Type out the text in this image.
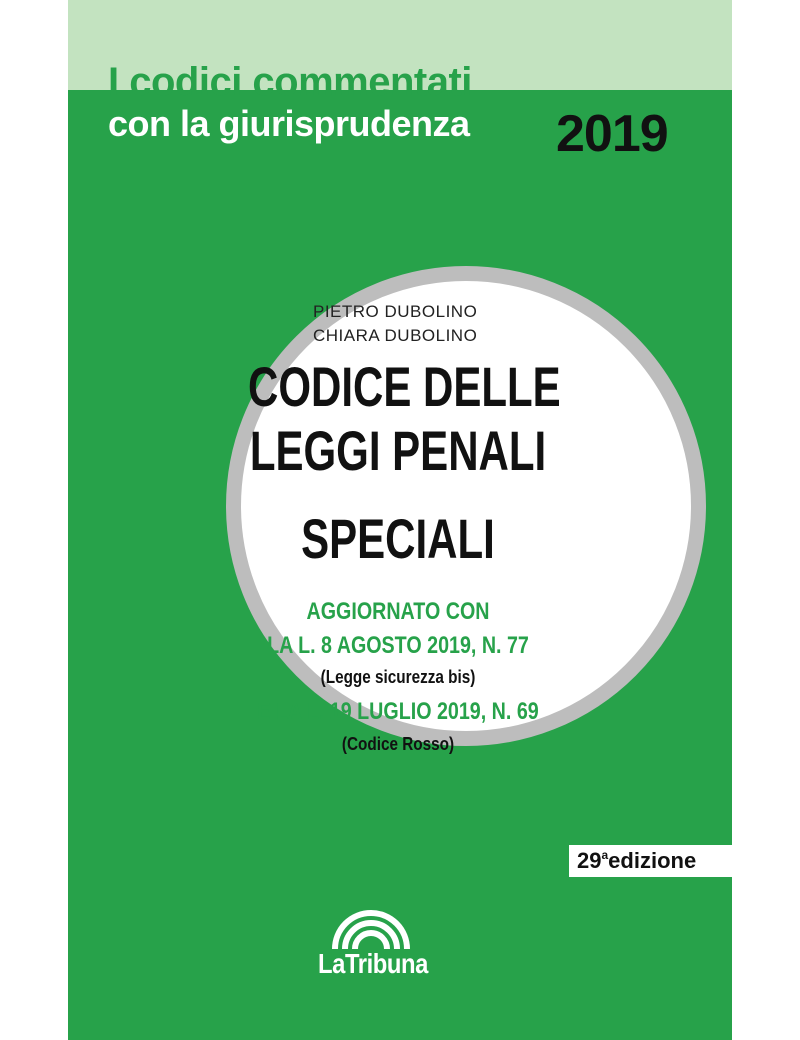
I codici commentati
con la giurisprudenza 2019
PIETRO DUBOLINO
CHIARA DUBOLINO
CODICE DELLE
LEGGI PENALI
SPECIALI
AGGIORNATO CON
LA L. 8 AGOSTO 2019, N. 77
(Legge sicurezza bis)
E LA L. 19 LUGLIO 2019, N. 69
(Codice Rosso)
LaTribuna
29$^a$edizione
